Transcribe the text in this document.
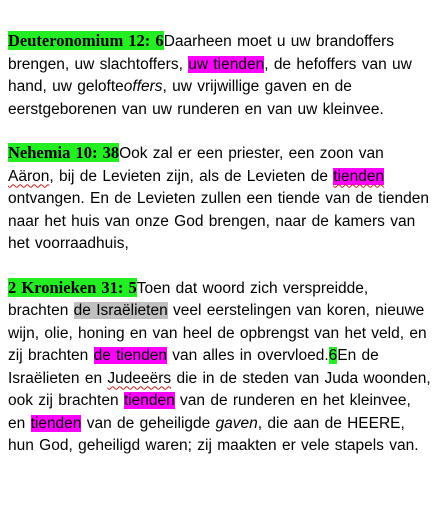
Deuteronomium 12: 6Daarheen moet u uw brandoffers brengen, uw slachtoffers, uw tienden, de hefoffers van uw hand, uw gelofteoffers, uw vrijwillige gaven en de eerstgeborenen van uw runderen en van uw kleinvee.

Nehemia 10: 38Ook zal er een priester, een zoon van Aäron, bij de Levieten zijn, als de Levieten de tienden ontvangen. En de Levieten zullen een tiende van de tienden naar het huis van onze God brengen, naar de kamers van het voorraadhuis,

2 Kronieken 31: 5Toen dat woord zich verspreidde, brachten de Israëlieten veel eerstelingen van koren, nieuwe wijn, olie, honing en van heel de opbrengst van het veld, en zij brachten de tienden van alles in overvloed.6En de Israëlieten en Judeeërs die in de steden van Juda woonden, ook zij brachten tienden van de runderen en het kleinvee, en tienden van de geheiligde gaven, die aan de HEERE, hun God, geheiligd waren; zij maakten er vele stapels van.
